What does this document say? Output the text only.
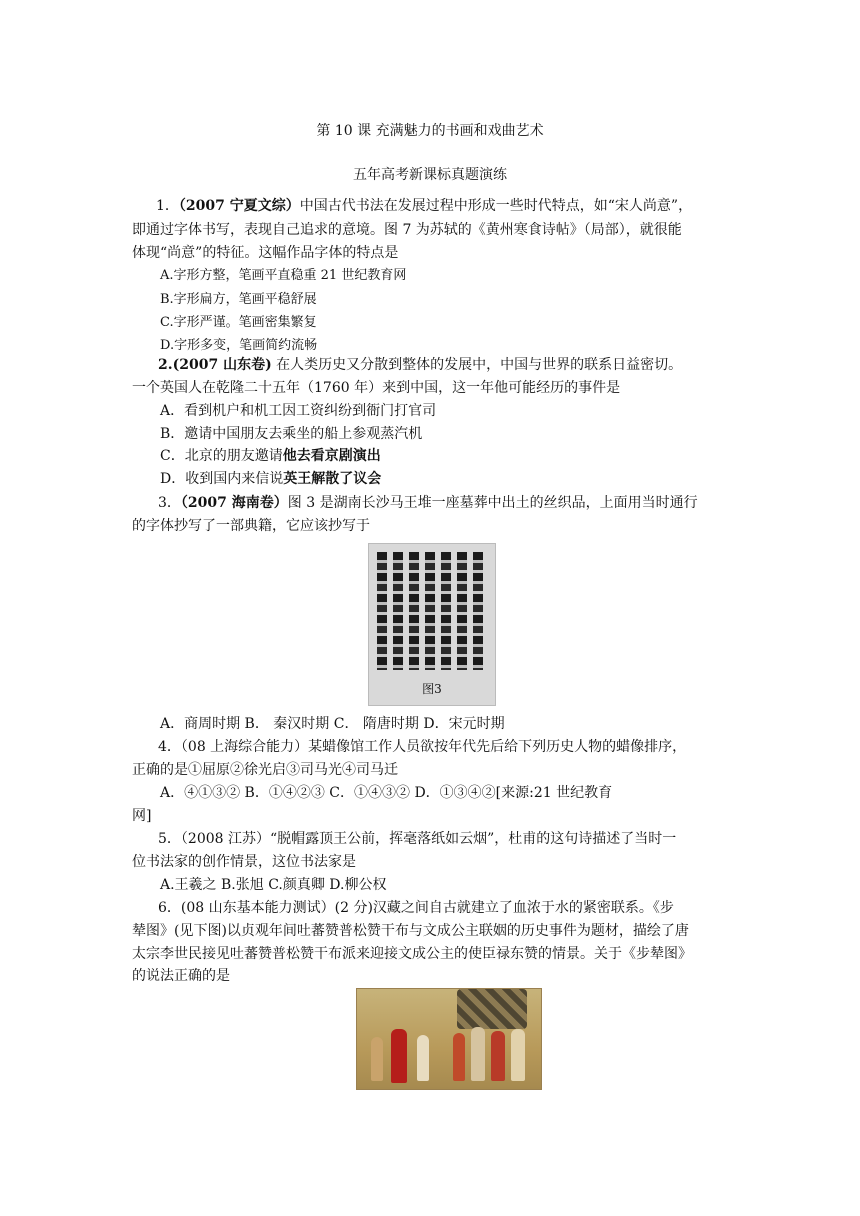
第 10 课 充满魅力的书画和戏曲艺术
五年高考新课标真题演练
1．（2007 宁夏文综）中国古代书法在发展过程中形成一些时代特点，如“宋人尚意”，
即通过字体书写，表现自己追求的意境。图 7 为苏轼的《黄州寒食诗帖》（局部），就很能
体现“尚意”的特征。这幅作品字体的特点是
A.字形方整，笔画平直稳重 21 世纪教育网
B.字形扁方，笔画平稳舒展
C.字形严谨。笔画密集繁复
D.字形多变，笔画简约流畅
2.(2007 山东卷) 在人类历史又分散到整体的发展中，中国与世界的联系日益密切。
一个英国人在乾隆二十五年（1760 年）来到中国，这一年他可能经历的事件是
A．看到机户和机工因工资纠纷到衙门打官司
B．邀请中国朋友去乘坐的船上参观蒸汽机
C．北京的朋友邀请他去看京剧演出
D．收到国内来信说英王解散了议会
3．（2007 海南卷）图 3 是湖南长沙马王堆一座墓葬中出土的丝织品，上面用当时通行
的字体抄写了一部典籍，它应该抄写于
图3
A．商周时期 B． 秦汉时期 C． 隋唐时期 D．宋元时期
4．（08 上海综合能力）某蜡像馆工作人员欲按年代先后给下列历史人物的蜡像排序，
正确的是①屈原②徐光启③司马光④司马迁
A．④①③② B．①④②③ C．①④③② D．①③④②[来源:21 世纪教育
网]
5．（2008 江苏）“脱帽露顶王公前，挥毫落纸如云烟”，杜甫的这句诗描述了当时一
位书法家的创作情景，这位书法家是
A.王羲之 B.张旭 C.颜真卿 D.柳公权
6．(08 山东基本能力测试）(2 分)汉藏之间自古就建立了血浓于水的紧密联系。《步
辇图》(见下图)以贞观年间吐蕃赞普松赞干布与文成公主联姻的历史事件为题材，描绘了唐
太宗李世民接见吐蕃赞普松赞干布派来迎接文成公主的使臣禄东赞的情景。关于《步辇图》
的说法正确的是
